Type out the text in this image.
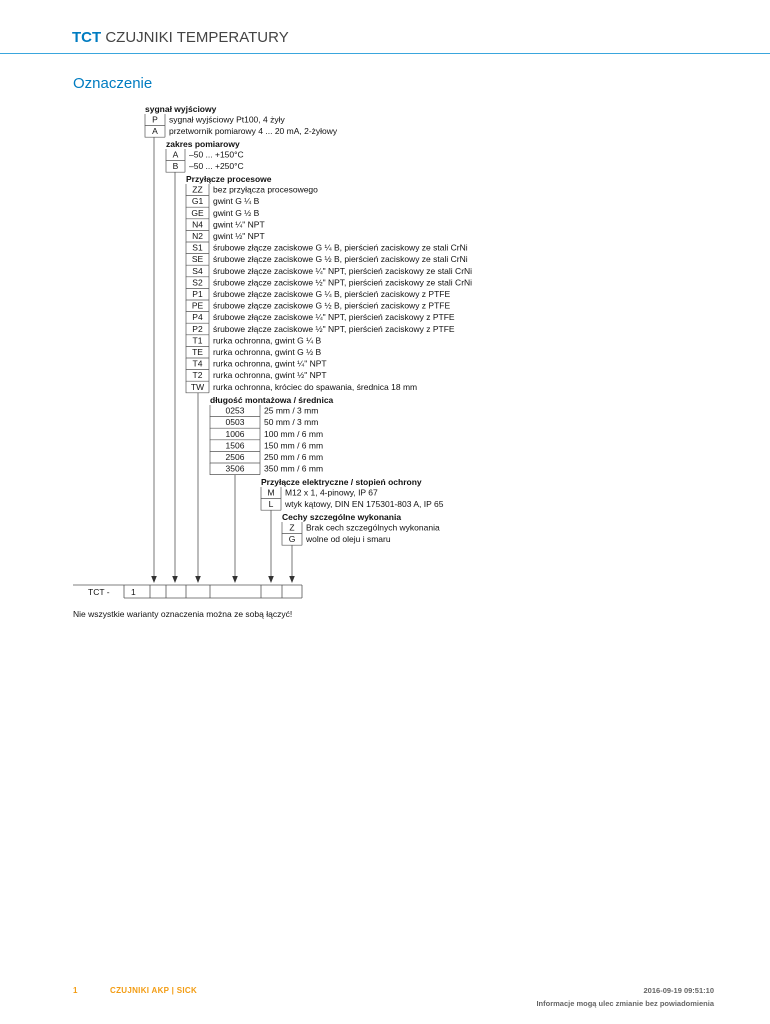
TCT CZUJNIKI TEMPERATURY
Oznaczenie
sygnał wyjściowy
P sygnał wyjściowy Pt100, 4 żyły
A przetwornik pomiarowy 4 ... 20 mA, 2-żyłowy
zakres pomiarowy
A –50 ... +150°C
B –50 ... +250°C
Przyłącze procesowe
ZZ bez przyłącza procesowego
G1 gwint G ¼ B
GE gwint G ½ B
N4 gwint ¼" NPT
N2 gwint ½" NPT
S1 śrubowe złącze zaciskowe G ¼ B, pierścień zaciskowy ze stali CrNi
SE śrubowe złącze zaciskowe G ½ B, pierścień zaciskowy ze stali CrNi
S4 śrubowe złącze zaciskowe ¼" NPT, pierścień zaciskowy ze stali CrNi
S2 śrubowe złącze zaciskowe ½" NPT, pierścień zaciskowy ze stali CrNi
P1 śrubowe złącze zaciskowe G ¼ B, pierścień zaciskowy z PTFE
PE śrubowe złącze zaciskowe G ½ B, pierścień zaciskowy z PTFE
P4 śrubowe złącze zaciskowe ¼" NPT, pierścień zaciskowy z PTFE
P2 śrubowe złącze zaciskowe ½" NPT, pierścień zaciskowy z PTFE
T1 rurka ochronna, gwint G ¼ B
TE rurka ochronna, gwint G ½ B
T4 rurka ochronna, gwint ¼" NPT
T2 rurka ochronna, gwint ½" NPT
TW rurka ochronna, króciec do spawania, średnica 18 mm
długość montażowa / średnica
0253 25 mm / 3 mm
0503 50 mm / 3 mm
1006 100 mm / 6 mm
1506 150 mm / 6 mm
2506 250 mm / 6 mm
3506 350 mm / 6 mm
Przyłącze elektryczne / stopień ochrony
M M12 x 1, 4-pinowy, IP 67
L wtyk kątowy, DIN EN 175301-803 A, IP 65
Cechy szczególne wykonania
Z Brak cech szczególnych wykonania
G wolne od oleju i smaru
TCT -	1
Nie wszystkie warianty oznaczenia można ze sobą łączyć!
1	CZUJNIKI AKP | SICK	2016-09-19 09:51:10
Informacje mogą ulec zmianie bez powiadomienia
